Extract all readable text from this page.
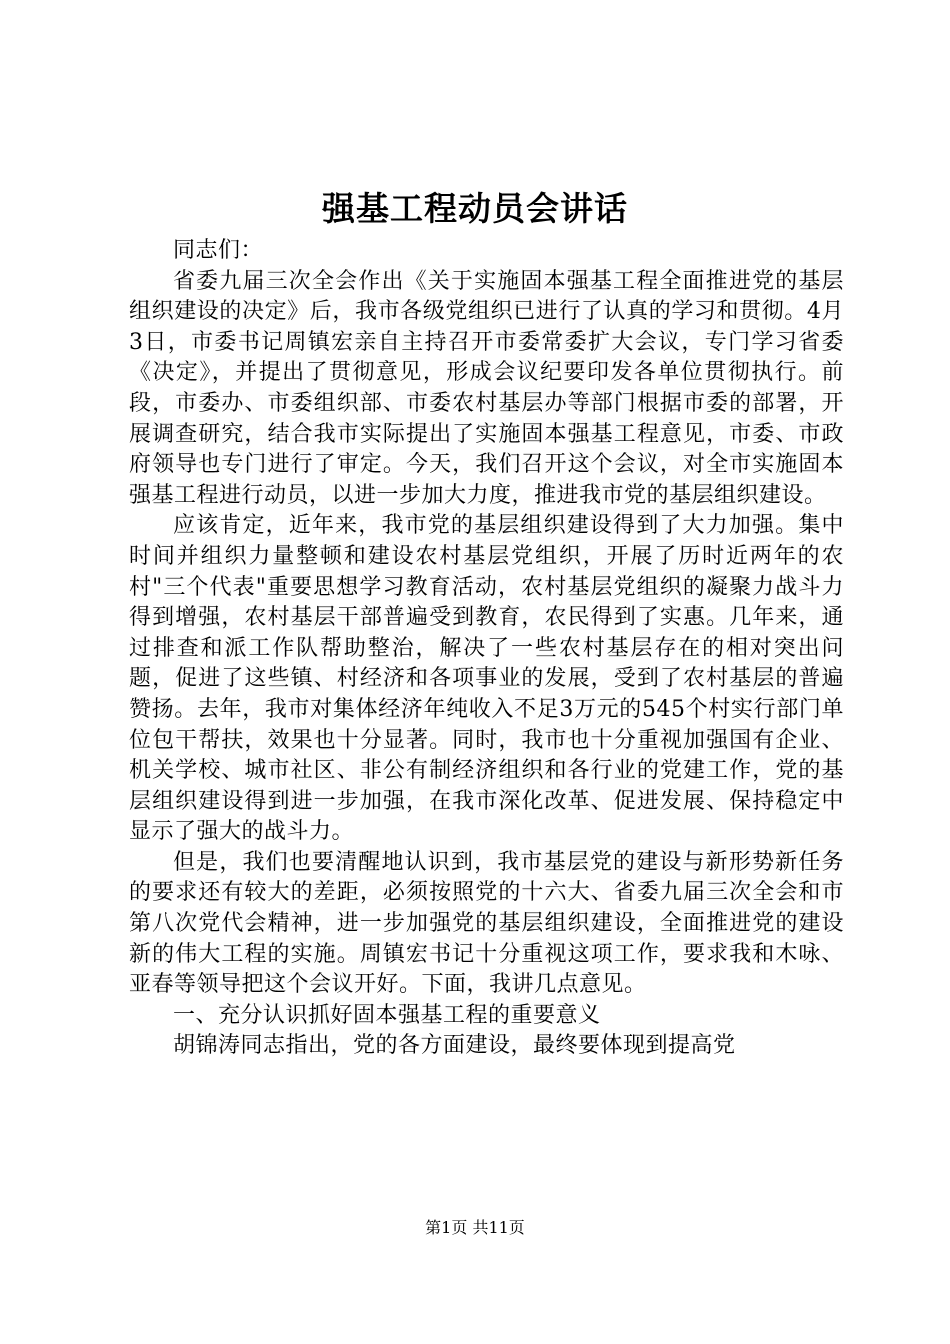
强基工程动员会讲话

同志们：

省委九届三次全会作出《关于实施固本强基工程全面推进党的基层组织建设的决定》后，我市各级党组织已进行了认真的学习和贯彻。4月3日，市委书记周镇宏亲自主持召开市委常委扩大会议，专门学习省委《决定》，并提出了贯彻意见，形成会议纪要印发各单位贯彻执行。前段，市委办、市委组织部、市委农村基层办等部门根据市委的部署，开展调查研究，结合我市实际提出了实施固本强基工程意见，市委、市政府领导也专门进行了审定。今天，我们召开这个会议，对全市实施固本强基工程进行动员，以进一步加大力度，推进我市党的基层组织建设。

应该肯定，近年来，我市党的基层组织建设得到了大力加强。集中时间并组织力量整顿和建设农村基层党组织，开展了历时近两年的农村"三个代表"重要思想学习教育活动，农村基层党组织的凝聚力战斗力得到增强，农村基层干部普遍受到教育，农民得到了实惠。几年来，通过排查和派工作队帮助整治，解决了一些农村基层存在的相对突出问题，促进了这些镇、村经济和各项事业的发展，受到了农村基层的普遍赞扬。去年，我市对集体经济年纯收入不足3万元的545个村实行部门单位包干帮扶，效果也十分显著。同时，我市也十分重视加强国有企业、机关学校、城市社区、非公有制经济组织和各行业的党建工作，党的基层组织建设得到进一步加强，在我市深化改革、促进发展、保持稳定中显示了强大的战斗力。

但是，我们也要清醒地认识到，我市基层党的建设与新形势新任务的要求还有较大的差距，必须按照党的十六大、省委九届三次全会和市第八次党代会精神，进一步加强党的基层组织建设，全面推进党的建设新的伟大工程的实施。周镇宏书记十分重视这项工作，要求我和木咏、亚春等领导把这个会议开好。下面，我讲几点意见。

一、充分认识抓好固本强基工程的重要意义

胡锦涛同志指出，党的各方面建设，最终要体现到提高党

第1页 共11页
